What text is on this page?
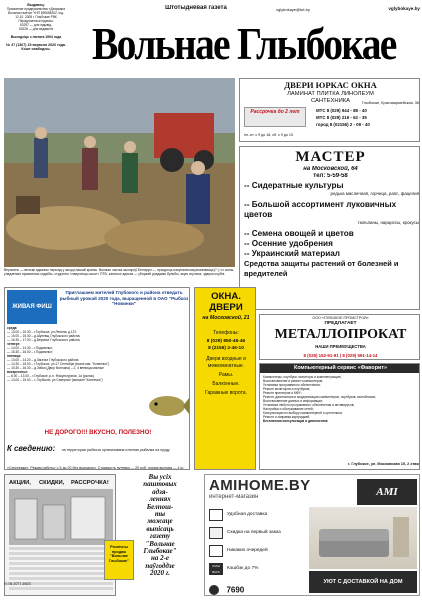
Выдавец:
Прыватнае прадпрыемства «Дзяржана
Вольная газета» УНП 690658302, Інд.
12.10. 2008 г. Глыбокае РВК
Перадплатныя індэксы:
63297 — для індывід.
63228 — для ведамств
Выходзіць з лютага 1994 года
№ 37 (1367) 15 верасня 2020 года. Кошт свабодны.
Штотыднёвая газета	vglybokaye@tut.by	vglybokaye.by
Вольнае Глыбокае
Верасень — вельмі адказны перыяд у жыцці нашай краіны. Вялікая частка жыхароў Беларусі — працуюць пакупаючыся(апазнаваць)? ) і іх сыны, упадзеныя прыватныя сядзібы, студэнты і навучэнцы школ і ПТВ, занятых адным — уборкай ураджаю бульбы, якую агульна, здвуха клубні.
ДВЕРИ ЮРКАС ОКНА
ЛАМИНАТ ПЛИТКА ЛИНОЛЕУМ
САНТЕХНИКА
Рассрочка до 2 лет	МТС 8 (029) 944 - 88 - 40
МТС 8 (029) 216 - 62 - 35
город 8 (02156) 2 - 09 - 40
Глыбокае, Краснаармейская, 36
пн.-пт. с 9 до 18, сб. с 9 до 15
МАСТЕР
на Московской, 64
тел: 5-59-58
-- Сидератные культуры
редька масличная, горчица, рапс, фацелия
-- Большой ассортимент луковичных цветов
тюльпаны, нарциссы, крокусы
-- Семена овощей и цветов
-- Осенние удобрения
-- Украинский материал
Средства защиты растений от болезней и вредителей
ЖИВАЯ ФИШ
Приглашаем жителей Глубокого и района отведать рыбный урожай 2020 года, выращенной в ОАО "Рыбхоз "Новинки"
среда:
— 13.00 – 15.30 – г.Глубокое, ул.Ленина, д.137;
— 15.00 – 15.30 – д.Шуневщ Глубокского района;
— 16.30 – 17.00 – д.Веровье Глубокского района.
четверг:
— 14.00 – 14.30 – г.Подсвилье;
— 15.30 – 16.00 – г.Подсвилье;
пятница:
— 13.00 – 14.20 – д.Загатье Глубокского района
— 14.30 – 15.00 – г.Глубокое, ул.17 Сентября (возле маг. "Копеечка")
— 15.30 – 16.00 – д.Зябки (Двор болешна) – 2, 4 ветвица мясные
воскресенье:
— 8.00 – 13.00 – г.Глубокое, р-н. Фізкультурная, 1а (рынок).
— 13.00 – 15.00 – г. Глубокое, ул.Северное (магазин "Копеечка")
НЕ ДОРОГО!!! ВКУСНО, ПОЛЕЗНО!
К сведению: на территории рыбхоза организована платная рыбалка на пруду «Сергеевка». Режим работы: с 5 до 20 без выходных. Стоимость путевки — 20 руб, норма вылова — 4 кг.
ОКНА. ДВЕРИ
на Московской, 21
Телефоны:
8 (029) 850-46-46
8 (2156) 2-46-10
Двери входные и межкомнатные.
Рамы.
Балконные.
Гаражные ворота.
ООО «ГЛУБОКОЕ ПРОМСТРОЙ»
ПРЕДЛАГАЕТ
МЕТАЛЛОПРОКАТ
НАШИ ПРЕИМУЩЕСТВА
8 (029) 152-91-91 | 8 (029) 591-14-14
Компьютерный сервис «Фаворит»
Компьютеры, ноутбуки, мониторы и комплектующие;
Восстановление и ремонт компьютеров;
Установка программного обеспечения;
Ремонт мониторов и ноутбуков;
Ремонт принтеров и МФУ;
Ремонт, диагностика и модернизация компьютеров, ноутбуков, моноблоков;
Восстановление данных и информации;
Установка любого программного обеспечения и антивирусов;
Настройка и обслуживание сетей;
Консультации по выбору компьютерной и оргтехники;
Ремонт и заправка картриджей.
Бесплатная консультация и диагностика
г. Глубокое, ул. Московская 15, 2 этаж
АКЦИИ,	СКИДКИ,	РАССРОЧКА!
ISSN 2077-6923
Вы усіх
паштовых
адзя-
леннях
Белпош-
ты
можаце
выпісаць
газету
"Вольнае
Глыбокае"
на 2-е
паўгоддзе
2020 г.
Рознічны
продаж
"Вольнае
Глыбокае"
AMIHOME.BY
интернет-магазин	AMI
Удобная доставка
Скидка на первый заказ
Никаких очередей
CASH BACK
Кэшбэк до 7%
УЮТ С ДОСТАВКОЙ НА ДОМ
7690
